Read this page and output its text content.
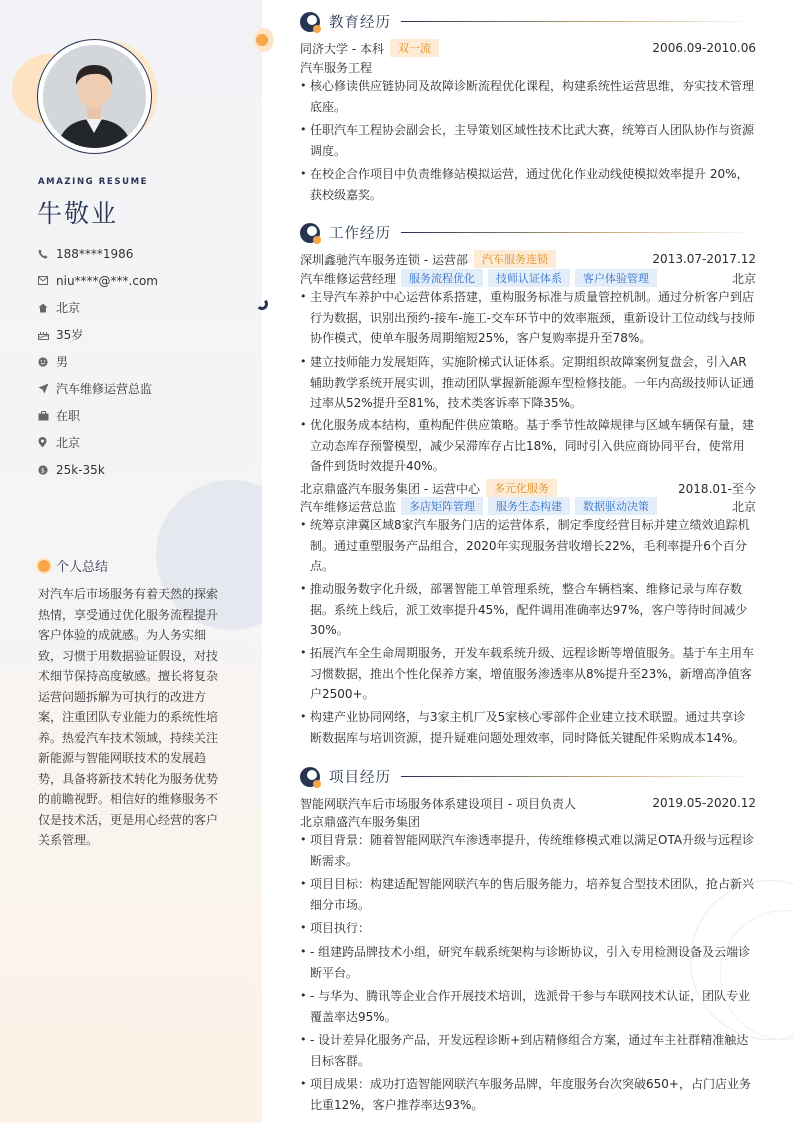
AMAZING RESUME
牛敬业
188****1986
niu****@***.com
北京
35岁
男
汽车维修运营总监
在职
北京
$ 25k-35k
个人总结
对汽车后市场服务有着天然的探索热情，享受通过优化服务流程提升客户体验的成就感。为人务实细致，习惯于用数据验证假设，对技术细节保持高度敏感。擅长将复杂运营问题拆解为可执行的改进方案，注重团队专业能力的系统性培养。热爱汽车技术领域，持续关注新能源与智能网联技术的发展趋势，具备将新技术转化为服务优势的前瞻视野。相信好的维修服务不仅是技术活，更是用心经营的客户关系管理。
教育经历
同济大学 - 本科	双一流	2006.09-2010.06
汽车服务工程
• 核心修读供应链协同及故障诊断流程优化课程，构建系统性运营思维，夯实技术管理底座。
• 任职汽车工程协会副会长，主导策划区域性技术比武大赛，统筹百人团队协作与资源调度。
• 在校企合作项目中负责维修站模拟运营，通过优化作业动线使模拟效率提升 20%，获校级嘉奖。
工作经历
深圳鑫驰汽车服务连锁 - 运营部	汽车服务连锁	2013.07-2017.12
汽车维修运营经理	服务流程优化	技师认证体系	客户体验管理	北京
• 主导汽车养护中心运营体系搭建，重构服务标准与质量管控机制。通过分析客户到店行为数据，识别出预约-接车-施工-交车环节中的效率瓶颈，重新设计工位动线与技师协作模式，使单车服务周期缩短25%，客户复购率提升至78%。
• 建立技师能力发展矩阵，实施阶梯式认证体系。定期组织故障案例复盘会，引入AR辅助教学系统开展实训，推动团队掌握新能源车型检修技能。一年内高级技师认证通过率从52%提升至81%，技术类客诉率下降35%。
• 优化服务成本结构，重构配件供应策略。基于季节性故障规律与区域车辆保有量，建立动态库存预警模型，减少呆滞库存占比18%，同时引入供应商协同平台，使常用备件到货时效提升40%。
北京鼎盛汽车服务集团 - 运营中心	多元化服务	2018.01-至今
汽车维修运营总监	多店矩阵管理	服务生态构建	数据驱动决策	北京
• 统筹京津冀区域8家汽车服务门店的运营体系，制定季度经营目标并建立绩效追踪机制。通过重塑服务产品组合，2020年实现服务营收增长22%，毛利率提升6个百分点。
• 推动服务数字化升级，部署智能工单管理系统，整合车辆档案、维修记录与库存数据。系统上线后，派工效率提升45%，配件调用准确率达97%，客户等待时间减少30%。
• 拓展汽车全生命周期服务，开发车载系统升级、远程诊断等增值服务。基于车主用车习惯数据，推出个性化保养方案，增值服务渗透率从8%提升至23%，新增高净值客户2500+。
• 构建产业协同网络，与3家主机厂及5家核心零部件企业建立技术联盟。通过共享诊断数据库与培训资源，提升疑难问题处理效率，同时降低关键配件采购成本14%。
项目经历
智能网联汽车后市场服务体系建设项目 - 项目负责人	2019.05-2020.12
北京鼎盛汽车服务集团
• 项目背景：随着智能网联汽车渗透率提升，传统维修模式难以满足OTA升级与远程诊断需求。
• 项目目标：构建适配智能网联汽车的售后服务能力，培养复合型技术团队，抢占新兴细分市场。
• 项目执行：
• - 组建跨品牌技术小组，研究车载系统架构与诊断协议，引入专用检测设备及云端诊断平台。
• - 与华为、腾讯等企业合作开展技术培训，选派骨干参与车联网技术认证，团队专业覆盖率达95%。
• - 设计差异化服务产品，开发远程诊断+到店精修组合方案，通过车主社群精准触达目标客群。
• 项目成果：成功打造智能网联汽车服务品牌，年度服务台次突破650+，占门店业务比重12%，客户推荐率达93%。
